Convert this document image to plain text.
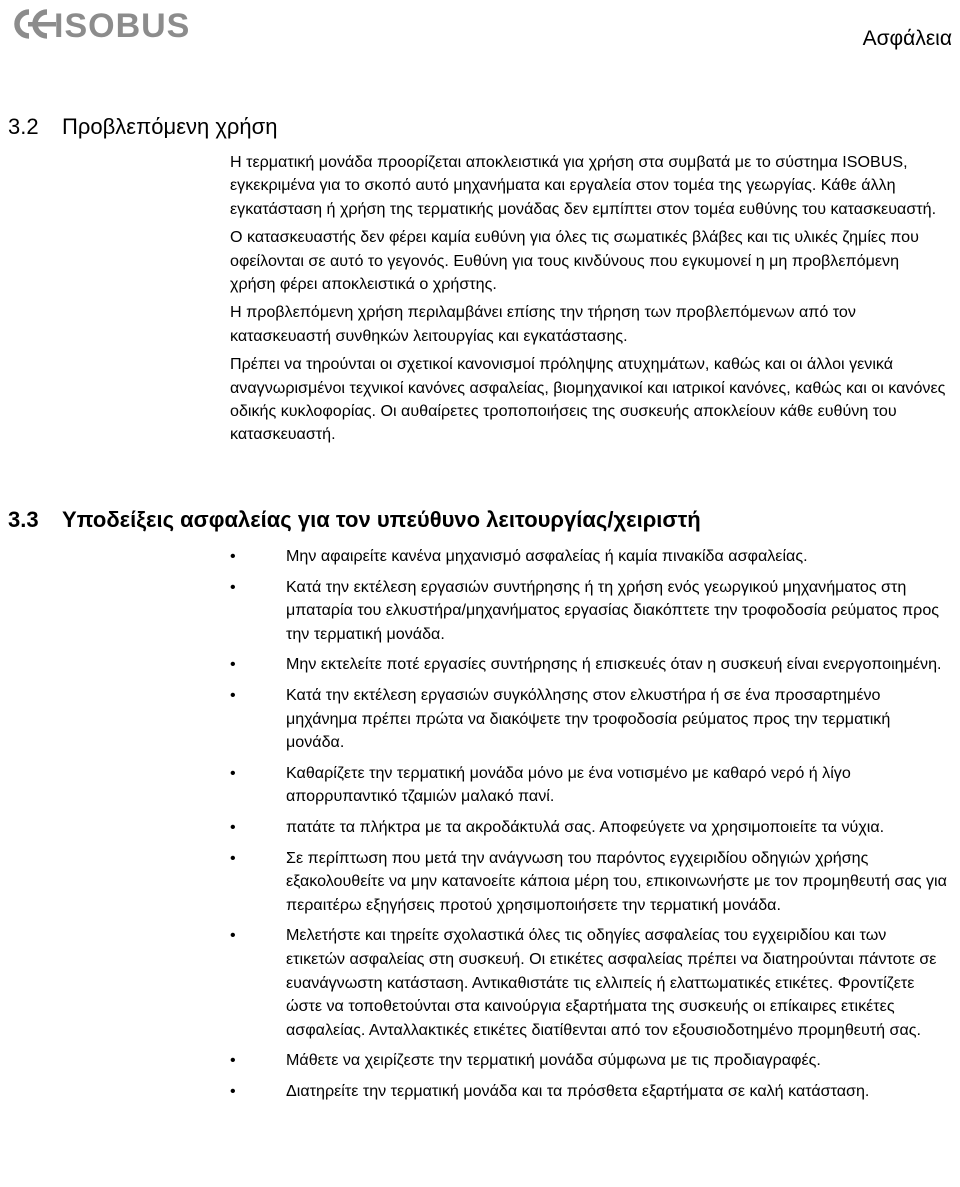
ISOBUS	Ασφάλεια
3.2 Προβλεπόμενη χρήση

Η τερματική μονάδα προορίζεται αποκλειστικά για χρήση στα συμβατά με το σύστημα ISOBUS, εγκεκριμένα για το σκοπό αυτό μηχανήματα και εργαλεία στον τομέα της γεωργίας. Κάθε άλλη εγκατάσταση ή χρήση της τερματικής μονάδας δεν εμπίπτει στον τομέα ευθύνης του κατασκευαστή.

Ο κατασκευαστής δεν φέρει καμία ευθύνη για όλες τις σωματικές βλάβες και τις υλικές ζημίες που οφείλονται σε αυτό το γεγονός. Ευθύνη για τους κινδύνους που εγκυμονεί η μη προβλεπόμενη χρήση φέρει αποκλειστικά ο χρήστης.

Η προβλεπόμενη χρήση περιλαμβάνει επίσης την τήρηση των προβλεπόμενων από τον κατασκευαστή συνθηκών λειτουργίας και εγκατάστασης.

Πρέπει να τηρούνται οι σχετικοί κανονισμοί πρόληψης ατυχημάτων, καθώς και οι άλλοι γενικά αναγνωρισμένοι τεχνικοί κανόνες ασφαλείας, βιομηχανικοί και ιατρικοί κανόνες, καθώς και οι κανόνες οδικής κυκλοφορίας. Οι αυθαίρετες τροποποιήσεις της συσκευής αποκλείουν κάθε ευθύνη του κατασκευαστή.

3.3 Υποδείξεις ασφαλείας για τον υπεύθυνο λειτουργίας/χειριστή
•	Μην αφαιρείτε κανένα μηχανισμό ασφαλείας ή καμία πινακίδα ασφαλείας.
•	Κατά την εκτέλεση εργασιών συντήρησης ή τη χρήση ενός γεωργικού μηχανήματος στη μπαταρία του ελκυστήρα/μηχανήματος εργασίας διακόπτετε την τροφοδοσία ρεύματος προς την τερματική μονάδα.
•	Μην εκτελείτε ποτέ εργασίες συντήρησης ή επισκευές όταν η συσκευή είναι ενεργοποιημένη.
•	Κατά την εκτέλεση εργασιών συγκόλλησης στον ελκυστήρα ή σε ένα προσαρτημένο μηχάνημα πρέπει πρώτα να διακόψετε την τροφοδοσία ρεύματος προς την τερματική μονάδα.
•	Καθαρίζετε την τερματική μονάδα μόνο με ένα νοτισμένο με καθαρό νερό ή λίγο απορρυπαντικό τζαμιών μαλακό πανί.
•	πατάτε τα πλήκτρα με τα ακροδάκτυλά σας. Αποφεύγετε να χρησιμοποιείτε τα νύχια.
•	Σε περίπτωση που μετά την ανάγνωση του παρόντος εγχειριδίου οδηγιών χρήσης εξακολουθείτε να μην κατανοείτε κάποια μέρη του, επικοινωνήστε με τον προμηθευτή σας για περαιτέρω εξηγήσεις προτού χρησιμοποιήσετε την τερματική μονάδα.
•	Μελετήστε και τηρείτε σχολαστικά όλες τις οδηγίες ασφαλείας του εγχειριδίου και των ετικετών ασφαλείας στη συσκευή. Οι ετικέτες ασφαλείας πρέπει να διατηρούνται πάντοτε σε ευανάγνωστη κατάσταση. Αντικαθιστάτε τις ελλιπείς ή ελαττωματικές ετικέτες. Φροντίζετε ώστε να τοποθετούνται στα καινούργια εξαρτήματα της συσκευής οι επίκαιρες ετικέτες ασφαλείας. Ανταλλακτικές ετικέτες διατίθενται από τον εξουσιοδοτημένο προμηθευτή σας.
•	Μάθετε να χειρίζεστε την τερματική μονάδα σύμφωνα με τις προδιαγραφές.
•	Διατηρείτε την τερματική μονάδα και τα πρόσθετα εξαρτήματα σε καλή κατάσταση.
